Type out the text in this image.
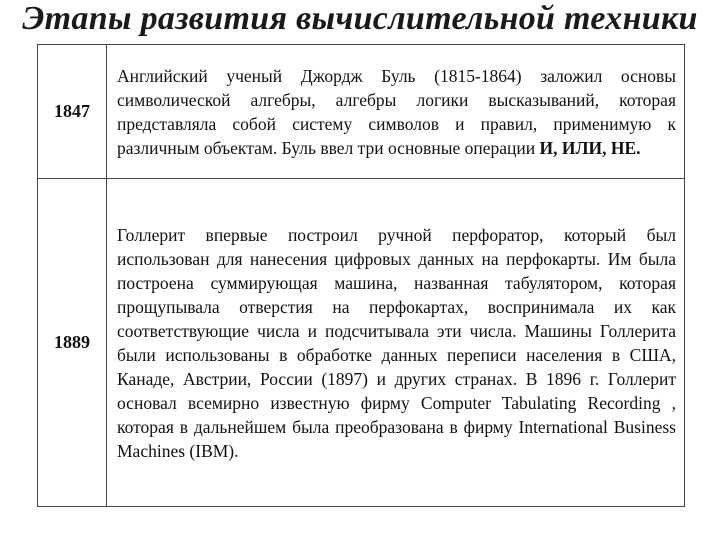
Этапы развития вычислительной техники
1847	Английский ученый Джордж Буль (1815-1864) заложил основы символической алгебры, алгебры логики высказываний, которая представляла собой систему символов и правил, применимую к различным объектам. Буль ввел три основные операции И, ИЛИ, НЕ.

1889	Голлерит впервые построил ручной перфоратор, который был использован для нанесения цифровых данных на перфокарты. Им была построена суммирующая машина, названная табулятором, которая прощупывала отверстия на перфокартах, воспринимала их как соответствующие числа и подсчитывала эти числа. Машины Голлерита были использованы в обработке данных переписи населения в США, Канаде, Австрии, России (1897) и других странах. В 1896 г. Голлерит основал всемирно известную фирму Computer Tabulating Recording , которая в дальнейшем была преобразована в фирму International Business Machines (IBM).
